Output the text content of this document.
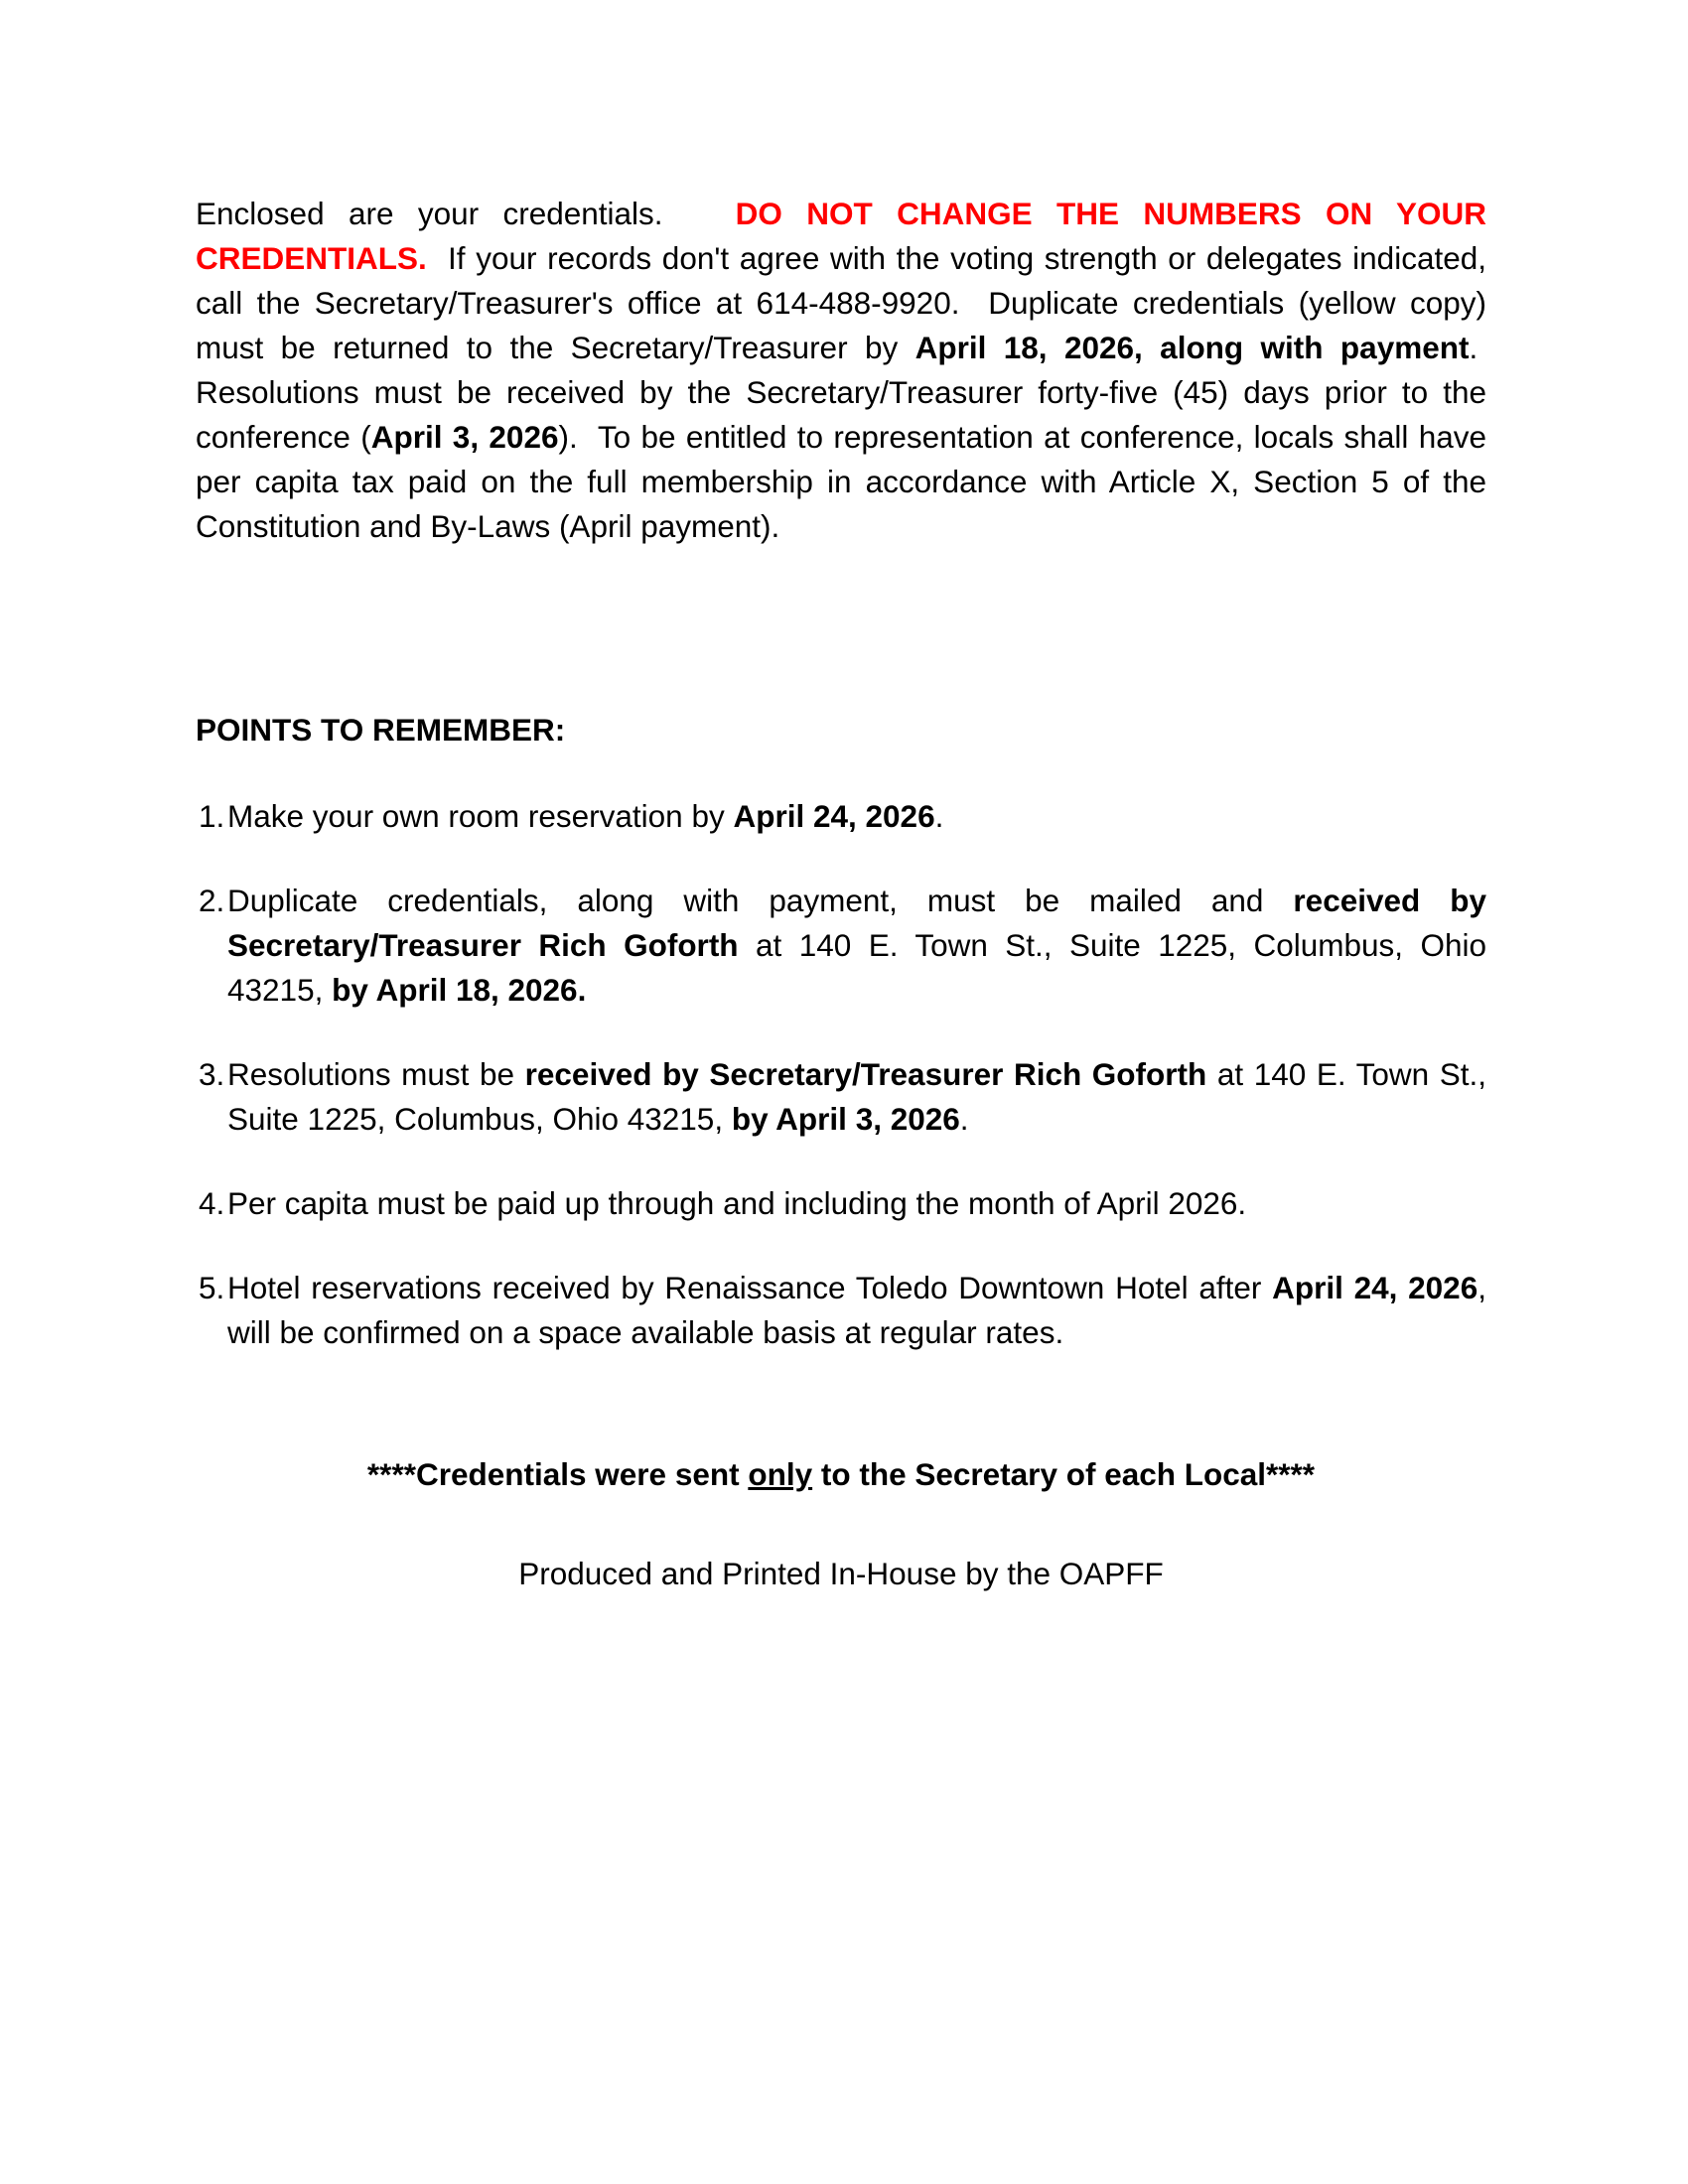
Enclosed are your credentials.   DO NOT CHANGE THE NUMBERS ON YOUR CREDENTIALS.  If your records don't agree with the voting strength or delegates indicated, call the Secretary/Treasurer's office at 614-488-9920.  Duplicate credentials (yellow copy) must be returned to the Secretary/Treasurer by April 18, 2026, along with payment.  Resolutions must be received by the Secretary/Treasurer forty-five (45) days prior to the conference (April 3, 2026).  To be entitled to representation at conference, locals shall have per capita tax paid on the full membership in accordance with Article X, Section 5 of the Constitution and By-Laws (April payment).

POINTS TO REMEMBER:
1. Make your own room reservation by April 24, 2026.
2. Duplicate credentials, along with payment, must be mailed and received by Secretary/Treasurer Rich Goforth at 140 E. Town St., Suite 1225, Columbus, Ohio 43215, by April 18, 2026.
3. Resolutions must be received by Secretary/Treasurer Rich Goforth at 140 E. Town St., Suite 1225, Columbus, Ohio 43215, by April 3, 2026.
4. Per capita must be paid up through and including the month of April 2026.
5. Hotel reservations received by Renaissance Toledo Downtown Hotel after April 24, 2026, will be confirmed on a space available basis at regular rates.
****Credentials were sent only to the Secretary of each Local****
Produced and Printed In-House by the OAPFF
